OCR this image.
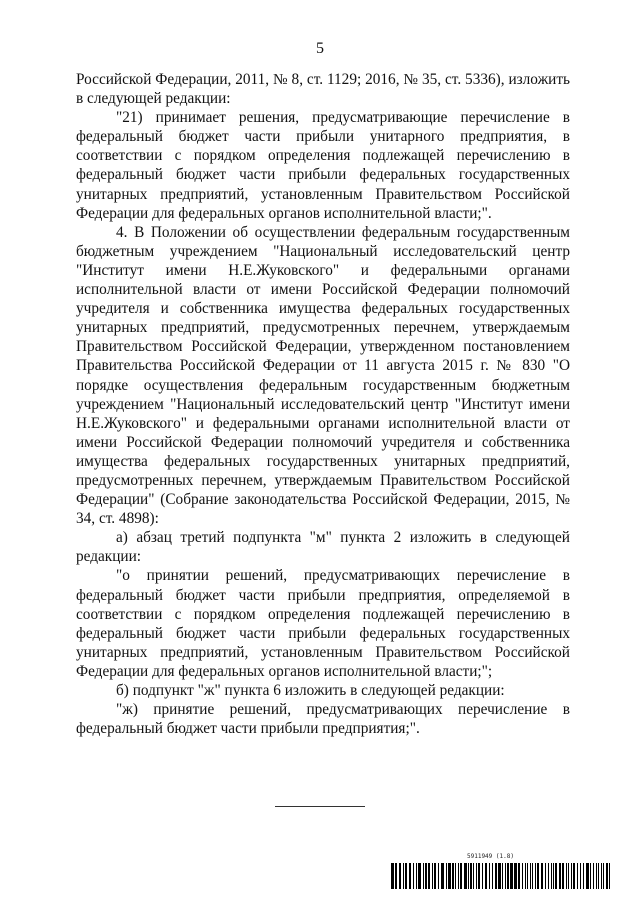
5

Российской Федерации, 2011, № 8, ст. 1129; 2016, № 35, ст. 5336), изложить в следующей редакции:

"21) принимает решения, предусматривающие перечисление в федеральный бюджет части прибыли унитарного предприятия, в соответствии с порядком определения подлежащей перечислению в федеральный бюджет части прибыли федеральных государственных унитарных предприятий, установленным Правительством Российской Федерации для федеральных органов исполнительной власти;".

4. В Положении об осуществлении федеральным государственным бюджетным учреждением "Национальный исследовательский центр "Институт имени Н.Е.Жуковского" и федеральными органами исполнительной власти от имени Российской Федерации полномочий учредителя и собственника имущества федеральных государственных унитарных предприятий, предусмотренных перечнем, утверждаемым Правительством Российской Федерации, утвержденном постановлением Правительства Российской Федерации от 11 августа 2015 г. № 830 "О порядке осуществления федеральным государственным бюджетным учреждением "Национальный исследовательский центр "Институт имени Н.Е.Жуковского" и федеральными органами исполнительной власти от имени Российской Федерации полномочий учредителя и собственника имущества федеральных государственных унитарных предприятий, предусмотренных перечнем, утверждаемым Правительством Российской Федерации" (Собрание законодательства Российской Федерации, 2015, № 34, ст. 4898):

а) абзац третий подпункта "м" пункта 2 изложить в следующей редакции:

"о принятии решений, предусматривающих перечисление в федеральный бюджет части прибыли предприятия, определяемой в соответствии с порядком определения подлежащей перечислению в федеральный бюджет части прибыли федеральных государственных унитарных предприятий, установленным Правительством Российской Федерации для федеральных органов исполнительной власти;";

б) подпункт "ж" пункта 6 изложить в следующей редакции:

"ж) принятие решений, предусматривающих перечисление в федеральный бюджет части прибыли предприятия;".

5911949 (1.8)
